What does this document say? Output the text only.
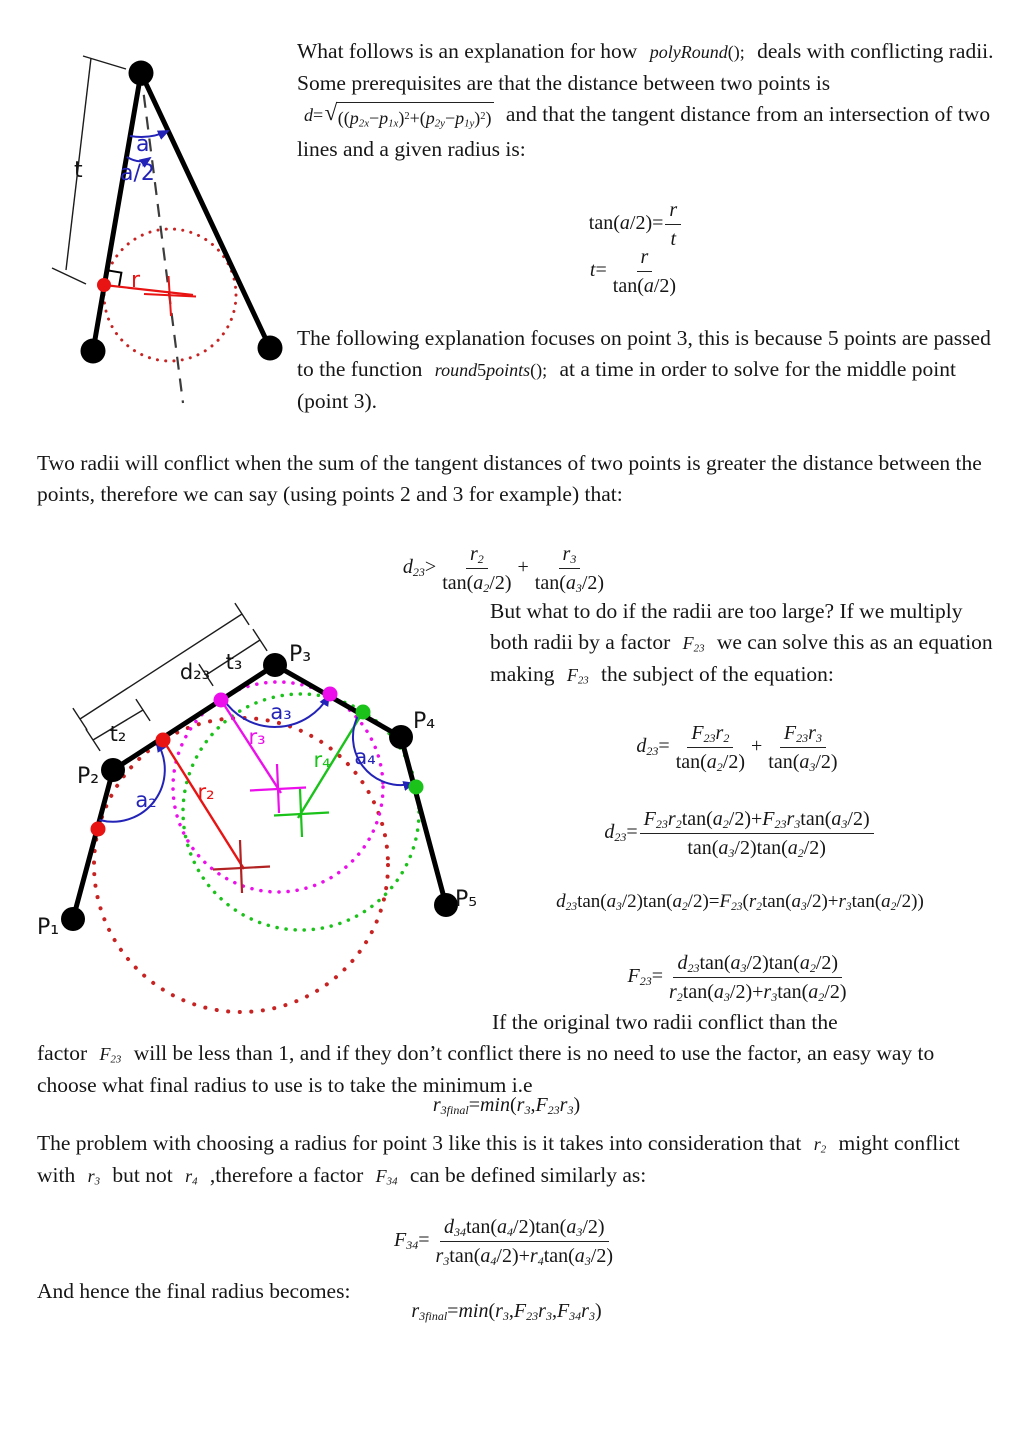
t
a
a/2
r
What follows is an explanation for how polyRound(); deals with conflicting radii. Some prerequisites are that the distance between two points is d= √ $((p_{2x}-p_{1x})^2+(p_{2y}-p_{1y})^2)$ and that the tangent distance from an intersection of two lines and a given radius is:
$\tan(a/2)= \frac{r}{t}$
$t= \frac{r}{\tan(a/2)}$
The following explanation focuses on point 3, this is because 5 points are passed to the function round5points(); at a time in order to solve for the middle point (point 3).
Two radii will conflict when the sum of the tangent distances of two points is greater the distance between the points, therefore we can say (using points 2 and 3 for example) that:
$d_{23}> \frac{r_2}{\tan(a_2/2)} + \frac{r_3}{\tan(a_3/2)}$
P₁
P₂
P₃
P₄
P₅
d₂₃ t₃
t₂
a₂
a₃
a₄
r₂
r₃
r₄
But what to do if the radii are too large? If we multiply both radii by a factor $F_{23}$ we can solve this as an equation making $F_{23}$ the subject of the equation:
$d_{23}= \frac{F_{23}r_2}{\tan(a_2/2)} + \frac{F_{23}r_3}{\tan(a_3/2)}$
$d_{23}= \frac{F_{23}r_2\tan(a_2/2)+F_{23}r_3\tan(a_3/2)}{\tan(a_3/2)\tan(a_2/2)}$
$d_{23}\tan(a_3/2)\tan(a_2/2)=F_{23}(r_2\tan(a_3/2)+r_3\tan(a_2/2))$
$F_{23}= \frac{d_{23}\tan(a_3/2)\tan(a_2/2)}{r_2\tan(a_3/2)+r_3\tan(a_2/2)}$
If the original two radii conflict than the
factor $F_{23}$ will be less than 1, and if they don’t conflict there is no need to use the factor, an easy way to choose what final radius to use is to take the minimum i.e
$r_{3final}=\min(r_3,F_{23}r_3)$
The problem with choosing a radius for point 3 like this is it takes into consideration that $r_2$ might conflict with $r_3$ but not $r_4$ ,therefore a factor $F_{34}$ can be defined similarly as:
$F_{34}= \frac{d_{34}\tan(a_4/2)\tan(a_3/2)}{r_3\tan(a_4/2)+r_4\tan(a_3/2)}$
And hence the final radius becomes:
$r_{3final}=\min(r_3,F_{23}r_3,F_{34}r_3)$
